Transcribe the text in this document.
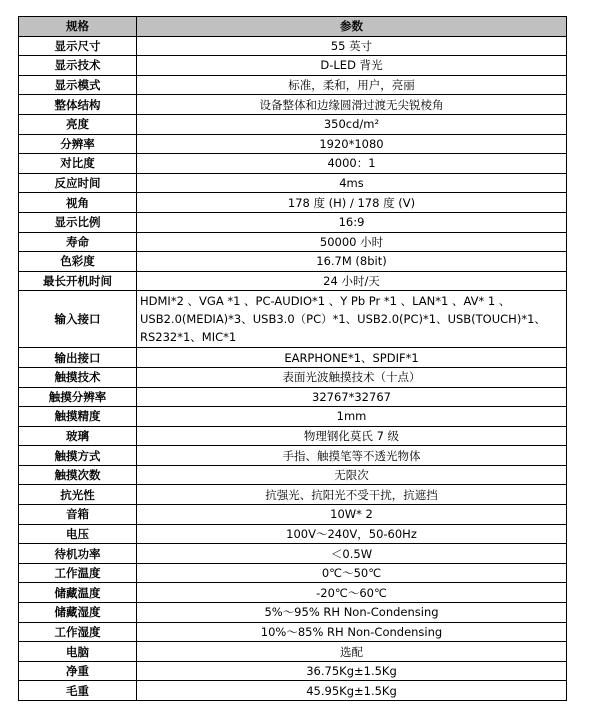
规格	参数
显示尺寸	55 英寸
显示技术	D-LED 背光
显示模式	标准，柔和，用户，亮丽
整体结构	设备整体和边缘圆滑过渡无尖锐棱角
亮度	350cd/m²
分辨率	1920*1080
对比度	4000：1
反应时间	4ms
视角	178 度 (H) / 178 度 (V)
显示比例	16:9
寿命	50000 小时
色彩度	16.7M (8bit)
最长开机时间	24 小时/天
输入接口	HDMI*2 、VGA *1 、PC-AUDIO*1 、Y Pb Pr *1 、LAN*1 、AV* 1 、USB2.0(MEDIA)*3、USB3.0（PC）*1、USB2.0(PC)*1、USB(TOUCH)*1、RS232*1、MIC*1
输出接口	EARPHONE*1、SPDIF*1
触摸技术	表面光波触摸技术（十点）
触摸分辨率	32767*32767
触摸精度	1mm
玻璃	物理钢化莫氏 7 级
触摸方式	手指、触摸笔等不透光物体
触摸次数	无限次
抗光性	抗强光、抗阳光不受干扰，抗遮挡
音箱	10W* 2
电压	100V～240V，50-60Hz
待机功率	＜0.5W
工作温度	0℃～50℃
储藏温度	-20℃～60℃
储藏湿度	5%～95% RH Non-Condensing
工作湿度	10%～85% RH Non-Condensing
电脑	选配
净重	36.75Kg±1.5Kg
毛重	45.95Kg±1.5Kg
